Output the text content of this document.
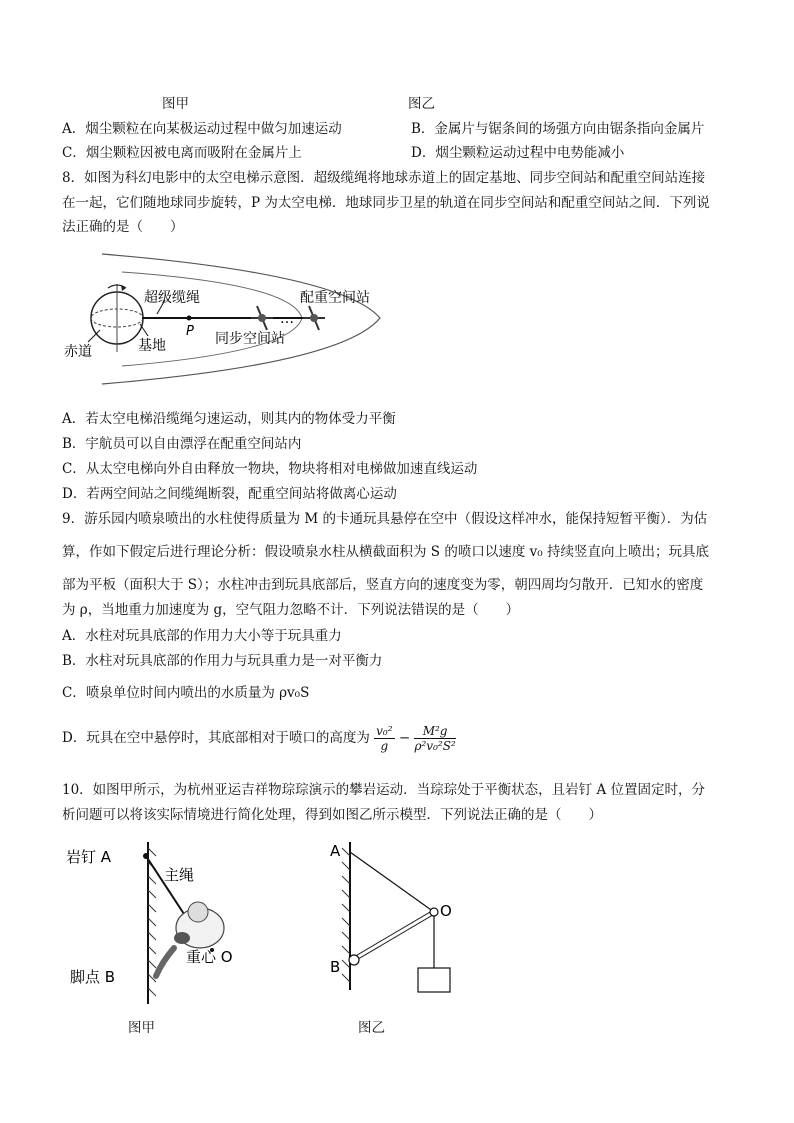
图甲	图乙
A．烟尘颗粒在向某极运动过程中做匀加速运动	B．金属片与锯条间的场强方向由锯条指向金属片
C．烟尘颗粒因被电离而吸附在金属片上	D．烟尘颗粒运动过程中电势能减小
8．如图为科幻电影中的太空电梯示意图．超级缆绳将地球赤道上的固定基地、同步空间站和配重空间站连接
在一起，它们随地球同步旋转，P 为太空电梯．地球同步卫星的轨道在同步空间站和配重空间站之间．下列说
法正确的是（　　）
超级缆绳	配重空间站
P 同步空间站
…
赤道	基地
A．若太空电梯沿缆绳匀速运动，则其内的物体受力平衡
B．宇航员可以自由漂浮在配重空间站内
C．从太空电梯向外自由释放一物块，物块将相对电梯做加速直线运动
D．若两空间站之间缆绳断裂，配重空间站将做离心运动
9．游乐园内喷泉喷出的水柱使得质量为 M 的卡通玩具悬停在空中（假设这样冲水，能保持短暂平衡）．为估
算，作如下假定后进行理论分析：假设喷泉水柱从横截面积为 S 的喷口以速度 v₀ 持续竖直向上喷出；玩具底
部为平板（面积大于 S）；水柱冲击到玩具底部后，竖直方向的速度变为零，朝四周均匀散开．已知水的密度
为 ρ，当地重力加速度为 g，空气阻力忽略不计．下列说法错误的是（　　）
A．水柱对玩具底部的作用力大小等于玩具重力
B．水柱对玩具底部的作用力与玩具重力是一对平衡力
C．喷泉单位时间内喷出的水质量为 ρv₀S
D．玩具在空中悬停时，其底部相对于喷口的高度为 $\frac{\text{v₀²}}{g} - \frac{\text{M²g}}{\text{ρ²v₀²S²}}$
10．如图甲所示，为杭州亚运吉祥物琮琮演示的攀岩运动．当琮琮处于平衡状态，且岩钉 A 位置固定时，分
析问题可以将该实际情境进行简化处理，得到如图乙所示模型．下列说法正确的是（　　）
岩钉 A
主绳
重心 O
脚点 B
图甲
A
O
B
图乙
